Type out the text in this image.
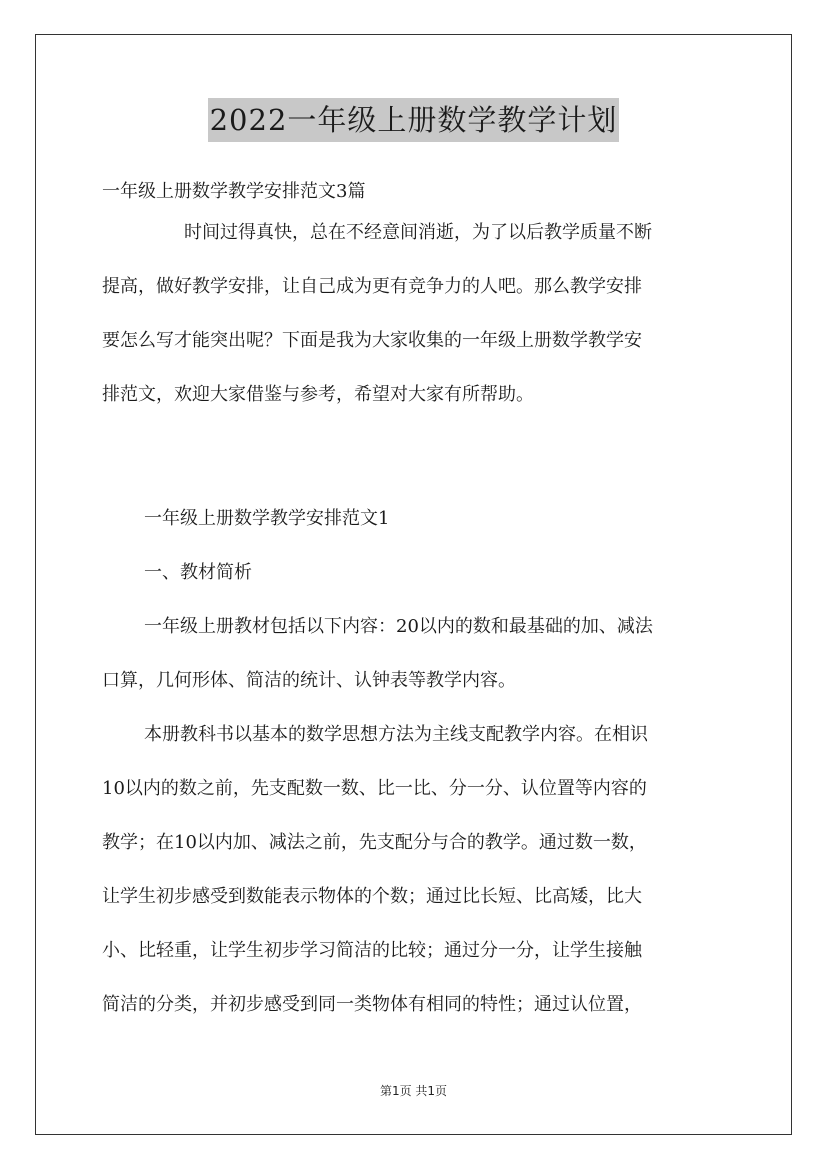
2022一年级上册数学教学计划

一年级上册数学教学安排范文3篇

时间过得真快，总在不经意间消逝，为了以后教学质量不断
提高，做好教学安排，让自己成为更有竞争力的人吧。那么教学安排
要怎么写才能突出呢？下面是我为大家收集的一年级上册数学教学安
排范文，欢迎大家借鉴与参考，希望对大家有所帮助。
一年级上册数学教学安排范文1
一、教材简析
一年级上册教材包括以下内容：20以内的数和最基础的加、减法
口算，几何形体、简洁的统计、认钟表等教学内容。
本册教科书以基本的数学思想方法为主线支配教学内容。在相识
10以内的数之前，先支配数一数、比一比、分一分、认位置等内容的
教学；在10以内加、减法之前，先支配分与合的教学。通过数一数，
让学生初步感受到数能表示物体的个数；通过比长短、比高矮，比大
小、比轻重，让学生初步学习简洁的比较；通过分一分，让学生接触
简洁的分类，并初步感受到同一类物体有相同的特性；通过认位置，
第1页 共1页
